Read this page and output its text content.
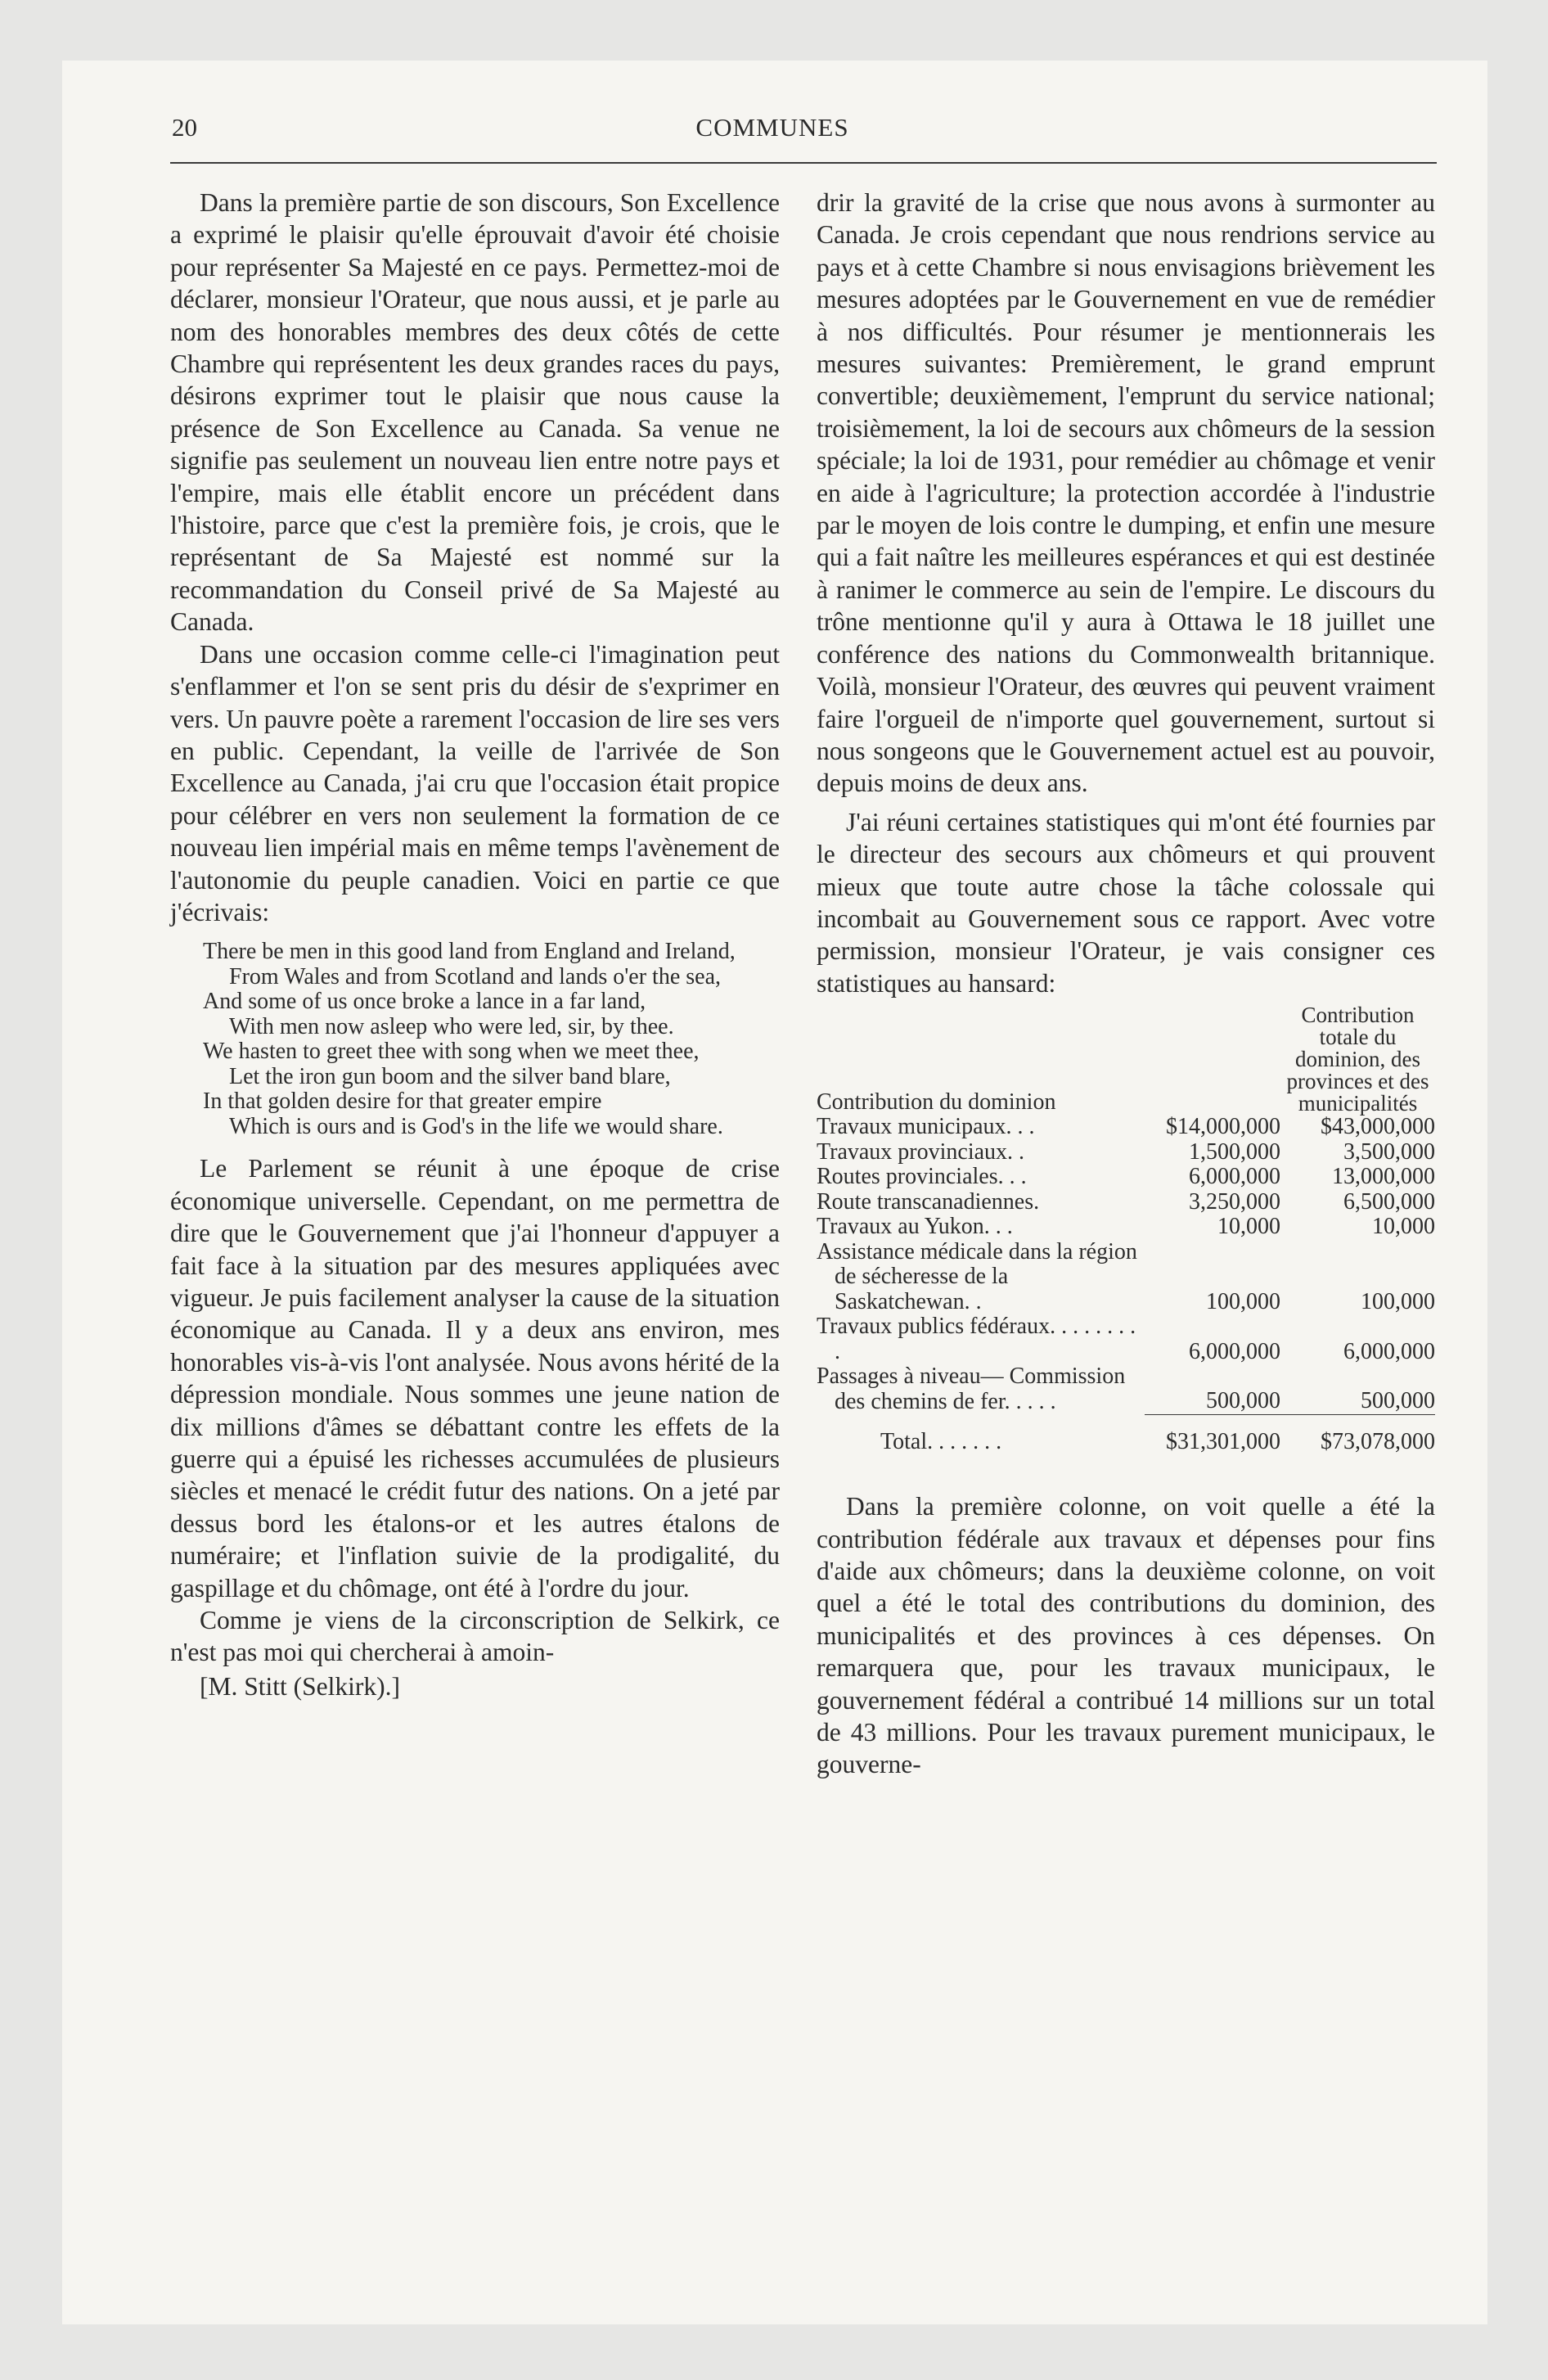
20	COMMUNES

Dans la première partie de son discours, Son Excellence a exprimé le plaisir qu'elle éprouvait d'avoir été choisie pour représenter Sa Majesté en ce pays. Permettez-moi de déclarer, monsieur l'Orateur, que nous aussi, et je parle au nom des honorables membres des deux côtés de cette Chambre qui représentent les deux grandes races du pays, désirons exprimer tout le plaisir que nous cause la présence de Son Excellence au Canada. Sa venue ne signifie pas seulement un nouveau lien entre notre pays et l'empire, mais elle établit encore un précédent dans l'histoire, parce que c'est la première fois, je crois, que le représentant de Sa Majesté est nommé sur la recommandation du Conseil privé de Sa Majesté au Canada.

Dans une occasion comme celle-ci l'imagination peut s'enflammer et l'on se sent pris du désir de s'exprimer en vers. Un pauvre poète a rarement l'occasion de lire ses vers en public. Cependant, la veille de l'arrivée de Son Excellence au Canada, j'ai cru que l'occasion était propice pour célébrer en vers non seulement la formation de ce nouveau lien impérial mais en même temps l'avènement de l'autonomie du peuple canadien. Voici en partie ce que j'écrivais:

There be men in this good land from England and Ireland,
From Wales and from Scotland and lands o'er the sea,
And some of us once broke a lance in a far land,
With men now asleep who were led, sir, by thee.
We hasten to greet thee with song when we meet thee,
Let the iron gun boom and the silver band blare,
In that golden desire for that greater empire
Which is ours and is God's in the life we would share.

Le Parlement se réunit à une époque de crise économique universelle. Cependant, on me permettra de dire que le Gouvernement que j'ai l'honneur d'appuyer a fait face à la situation par des mesures appliquées avec vigueur. Je puis facilement analyser la cause de la situation économique au Canada. Il y a deux ans environ, mes honorables vis-à-vis l'ont analysée. Nous avons hérité de la dépression mondiale. Nous sommes une jeune nation de dix millions d'âmes se débattant contre les effets de la guerre qui a épuisé les richesses accumulées de plusieurs siècles et menacé le crédit futur des nations. On a jeté par dessus bord les étalons-or et les autres étalons de numéraire; et l'inflation suivie de la prodigalité, du gaspillage et du chômage, ont été à l'ordre du jour.

Comme je viens de la circonscription de Selkirk, ce n'est pas moi qui chercherai à amoin-

[M. Stitt (Selkirk).]

drir la gravité de la crise que nous avons à surmonter au Canada. Je crois cependant que nous rendrions service au pays et à cette Chambre si nous envisagions brièvement les mesures adoptées par le Gouvernement en vue de remédier à nos difficultés. Pour résumer je mentionnerais les mesures suivantes: Premièrement, le grand emprunt convertible; deuxièmement, l'emprunt du service national; troisièmement, la loi de secours aux chômeurs de la session spéciale; la loi de 1931, pour remédier au chômage et venir en aide à l'agriculture; la protection accordée à l'industrie par le moyen de lois contre le dumping, et enfin une mesure qui a fait naître les meilleures espérances et qui est destinée à ranimer le commerce au sein de l'empire. Le discours du trône mentionne qu'il y aura à Ottawa le 18 juillet une conférence des nations du Commonwealth britannique. Voilà, monsieur l'Orateur, des œuvres qui peuvent vraiment faire l'orgueil de n'importe quel gouvernement, surtout si nous songeons que le Gouvernement actuel est au pouvoir, depuis moins de deux ans.

J'ai réuni certaines statistiques qui m'ont été fournies par le directeur des secours aux chômeurs et qui prouvent mieux que toute autre chose la tâche colossale qui incombait au Gouvernement sous ce rapport. Avec votre permission, monsieur l'Orateur, je vais consigner ces statistiques au hansard:

Contribution du dominion		Contribution totale du dominion, des provinces et des municipalités
Travaux municipaux. . .	$14,000,000	$43,000,000
Travaux provinciaux. .	1,500,000	3,500,000
Routes provinciales. . .	6,000,000	13,000,000
Route transcanadiennes.	3,250,000	6,500,000
Travaux au Yukon. . .	10,000	10,000
Assistance médicale dans la région de sécheresse de la Saskatchewan. .	100,000	100,000
Travaux publics fédéraux. . . . . . . . .	6,000,000	6,000,000
Passages à niveau— Commission des chemins de fer. . . . .	500,000	500,000
Total. . . . . . .	$31,301,000	$73,078,000

Dans la première colonne, on voit quelle a été la contribution fédérale aux travaux et dépenses pour fins d'aide aux chômeurs; dans la deuxième colonne, on voit quel a été le total des contributions du dominion, des municipalités et des provinces à ces dépenses. On remarquera que, pour les travaux municipaux, le gouvernement fédéral a contribué 14 millions sur un total de 43 millions. Pour les travaux purement municipaux, le gouverne-
